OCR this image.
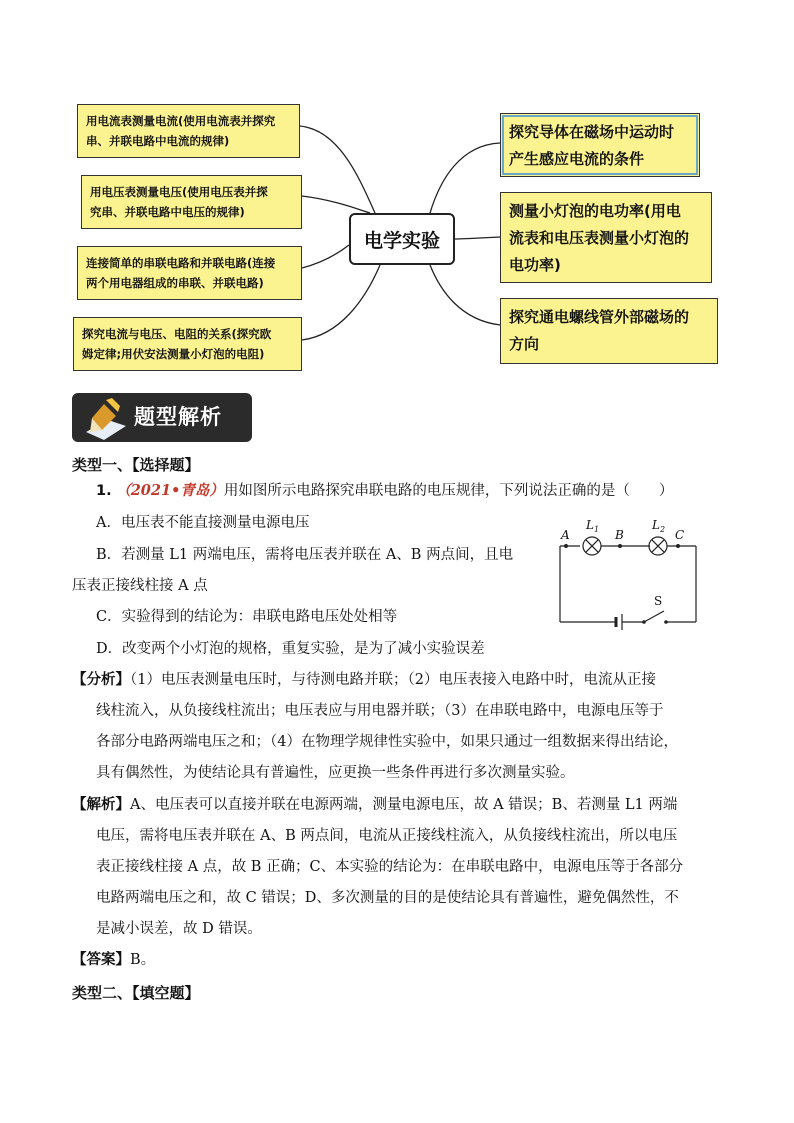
用电流表测量电流(使用电流表并探究
串、并联电路中电流的规律)
用电压表测量电压(使用电压表并探
究串、并联电路中电压的规律)
连接简单的串联电路和并联电路(连接
两个用电器组成的串联、并联电路)
探究电流与电压、电阻的关系(探究欧
姆定律;用伏安法测量小灯泡的电阻)
电学实验
探究导体在磁场中运动时
产生感应电流的条件
测量小灯泡的电功率(用电
流表和电压表测量小灯泡的
电功率)
探究通电螺线管外部磁场的
方向
题型解析
类型一、【选择题】
1. （2021•青岛）用如图所示电路探究串联电路的电压规律，下列说法正确的是（　　）
A．电压表不能直接测量电源电压
B．若测量 L1 两端电压，需将电压表并联在 A、B 两点间，且电
压表正接线柱接 A 点
C．实验得到的结论为：串联电路电压处处相等
D．改变两个小灯泡的规格，重复实验，是为了减小实验误差
A
$L_1$ B
$L_2$ C
S
【分析】（1）电压表测量电压时，与待测电路并联；（2）电压表接入电路中时，电流从正接
线柱流入，从负接线柱流出；电压表应与用电器并联；（3）在串联电路中，电源电压等于
各部分电路两端电压之和；（4）在物理学规律性实验中，如果只通过一组数据来得出结论，
具有偶然性，为使结论具有普遍性，应更换一些条件再进行多次测量实验。
【解析】A、电压表可以直接并联在电源两端，测量电源电压，故 A 错误；B、若测量 L1 两端
电压，需将电压表并联在 A、B 两点间，电流从正接线柱流入，从负接线柱流出，所以电压
表正接线柱接 A 点，故 B 正确；C、本实验的结论为：在串联电路中，电源电压等于各部分
电路两端电压之和，故 C 错误；D、多次测量的目的是使结论具有普遍性，避免偶然性，不
是减小误差，故 D 错误。
【答案】B。
类型二、【填空题】
